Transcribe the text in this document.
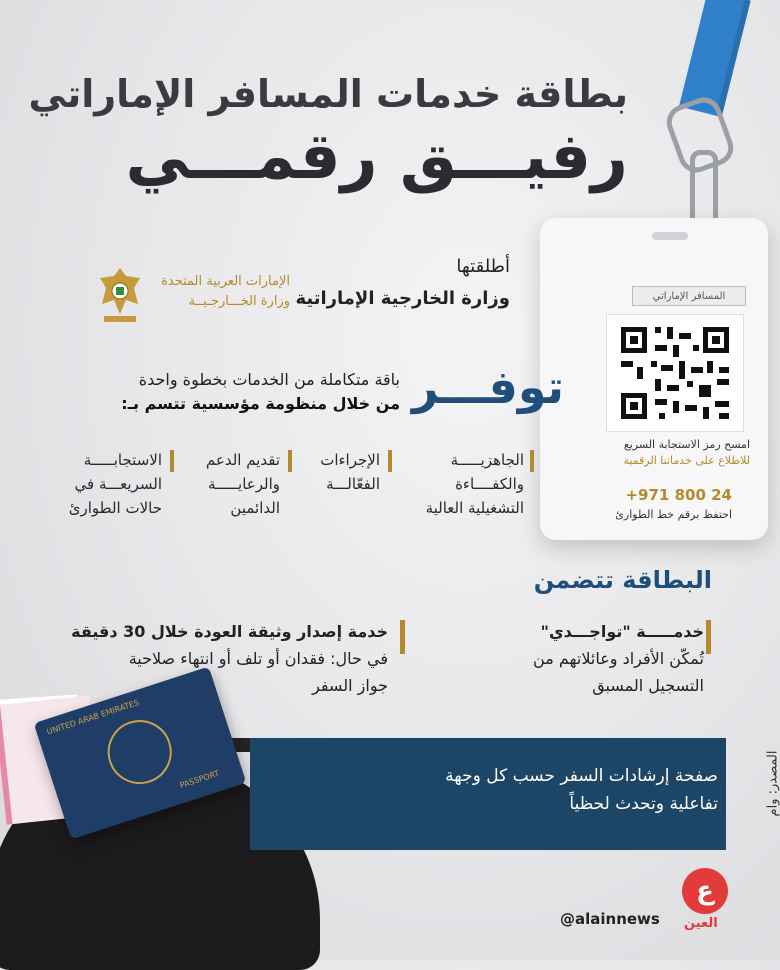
بطاقة خدمات المسافر الإماراتي
رفيـــق رقمـــي
المسافر الإماراتي
امسح رمز الاستجابة السريع
للاطلاع على خدماتنا الرقمية
+971 800 24
احتفظ برقم خط الطوارئ
أطلقتها
وزارة الخارجية الإماراتية
الإمارات العربية المتحدة
وزارة الخـــارجـيــة
توفـــر
باقة متكاملة من الخدمات بخطوة واحدة
من خلال منظومة مؤسسية تتسم بـ:
الجاهزيـــــة
والكفــــاءة
التشغيلية العالية
الإجراءات
الفعّالـــة
تقديم الدعم
والرعايـــــة
الدائمين
الاستجابـــــة
السريعـــة في
حالات الطوارئ
البطاقة تتضمن
خدمـــــة "تواجـــدي"
تُمكّن الأفراد وعائلاتهم من
التسجيل المسبق
خدمة إصدار وثيقة العودة خلال 30 دقيقة
في حال: فقدان أو تلف أو انتهاء صلاحية
جواز السفر
UNITED ARAB EMIRATES
PASSPORT	صفحة إرشادات السفر حسب كل وجهة
تفاعلية وتحدث لحظياً	المصدر: وام
@alainnews
ع
العين
